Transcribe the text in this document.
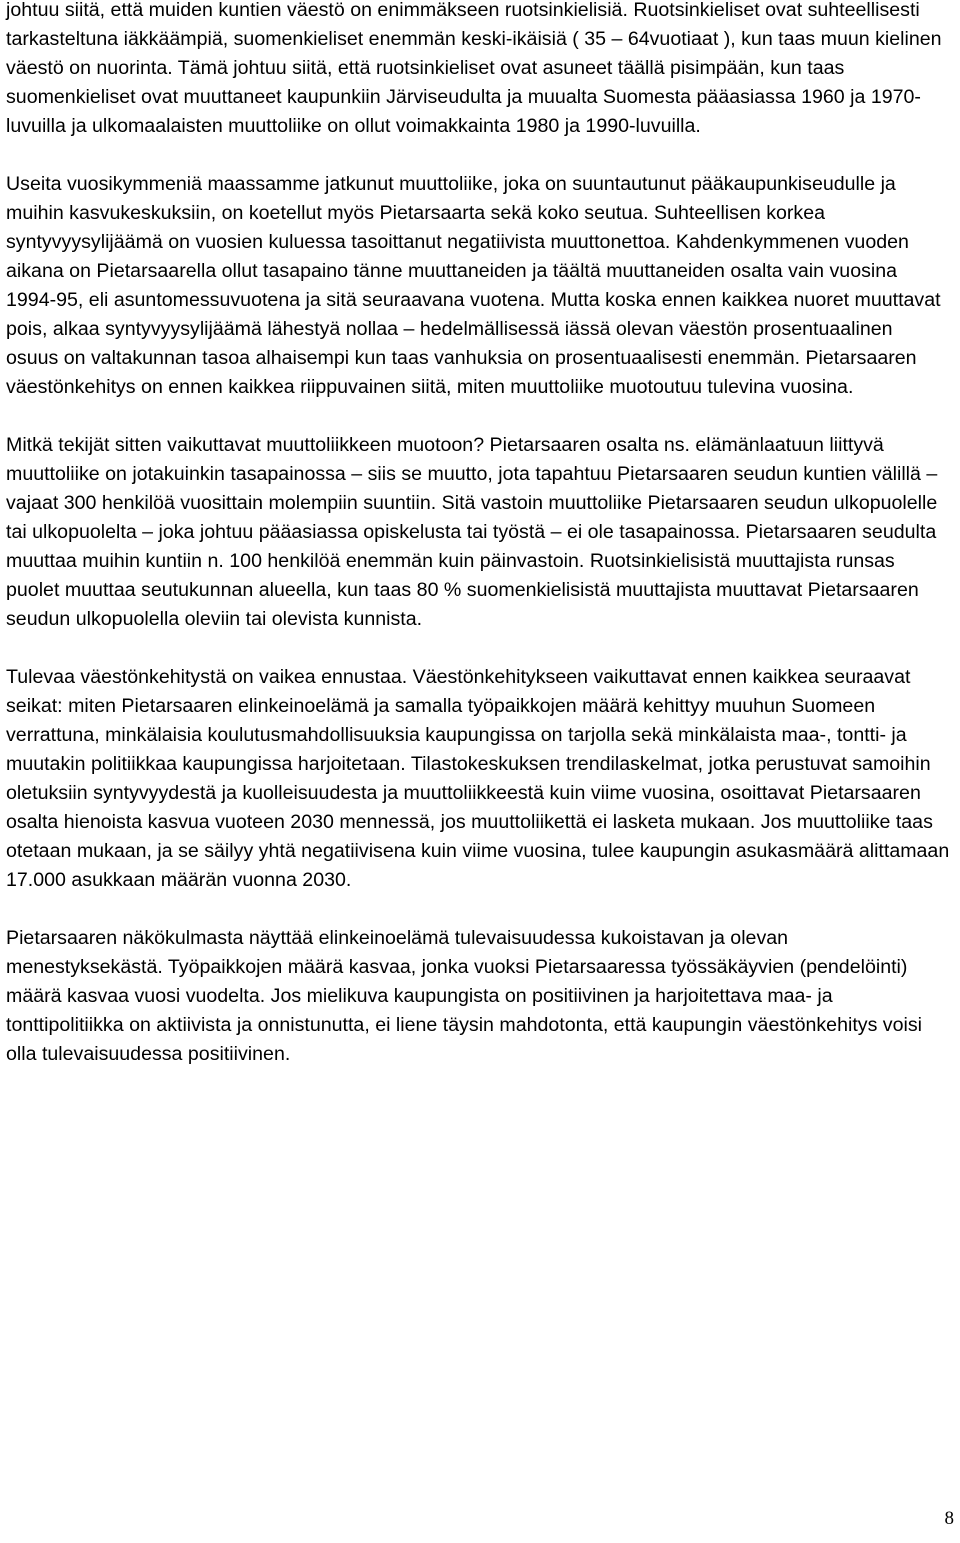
johtuu siitä, että muiden kuntien väestö on enimmäkseen ruotsinkielisiä. Ruotsinkieliset ovat suhteellisesti tarkasteltuna iäkkäämpiä, suomenkieliset enemmän keski-ikäisiä ( 35 – 64vuotiaat ), kun taas muun kielinen väestö on nuorinta. Tämä johtuu siitä, että ruotsinkieliset ovat asuneet täällä pisimpään, kun taas suomenkieliset ovat muuttaneet kaupunkiin Järviseudulta ja muualta Suomesta pääasiassa 1960 ja 1970-luvuilla ja ulkomaalaisten muuttoliike on ollut voimakkainta 1980 ja 1990-luvuilla.

Useita vuosikymmeniä maassamme jatkunut muuttoliike, joka on suuntautunut pääkaupunkiseudulle ja muihin kasvukeskuksiin, on koetellut myös Pietarsaarta sekä koko seutua. Suhteellisen korkea syntyvyysylijäämä on vuosien kuluessa tasoittanut negatiivista muuttonettoa. Kahdenkymmenen vuoden aikana on Pietarsaarella ollut tasapaino tänne muuttaneiden ja täältä muuttaneiden osalta vain vuosina 1994-95, eli asuntomessuvuotena ja sitä seuraavana vuotena. Mutta koska ennen kaikkea nuoret muuttavat pois, alkaa syntyvyysylijäämä lähestyä nollaa – hedelmällisessä iässä olevan väestön prosentuaalinen osuus on valtakunnan tasoa alhaisempi kun taas vanhuksia on prosentuaalisesti enemmän. Pietarsaaren väestönkehitys on ennen kaikkea riippuvainen siitä, miten muuttoliike muotoutuu tulevina vuosina.

Mitkä tekijät sitten vaikuttavat muuttoliikkeen muotoon? Pietarsaaren osalta ns. elämänlaatuun liittyvä muuttoliike on jotakuinkin tasapainossa – siis se muutto, jota tapahtuu Pietarsaaren seudun kuntien välillä – vajaat 300 henkilöä vuosittain molempiin suuntiin. Sitä vastoin muuttoliike Pietarsaaren seudun ulkopuolelle tai ulkopuolelta – joka johtuu pääasiassa opiskelusta tai työstä – ei ole tasapainossa. Pietarsaaren seudulta muuttaa muihin kuntiin n. 100 henkilöä enemmän kuin päinvastoin. Ruotsinkielisistä muuttajista runsas puolet muuttaa seutukunnan alueella, kun taas 80 % suomenkielisistä muuttajista muuttavat Pietarsaaren seudun ulkopuolella oleviin tai olevista kunnista.

Tulevaa väestönkehitystä on vaikea ennustaa. Väestönkehitykseen vaikuttavat ennen kaikkea seuraavat seikat: miten Pietarsaaren elinkeinoelämä ja samalla työpaikkojen määrä kehittyy muuhun Suomeen verrattuna, minkälaisia koulutusmahdollisuuksia kaupungissa on tarjolla sekä minkälaista maa-, tontti- ja muutakin politiikkaa kaupungissa harjoitetaan. Tilastokeskuksen trendilaskelmat, jotka perustuvat samoihin oletuksiin syntyvyydestä ja kuolleisuudesta ja muuttoliikkeestä kuin viime vuosina, osoittavat Pietarsaaren osalta hienoista kasvua vuoteen 2030 mennessä, jos muuttoliikettä ei lasketa mukaan. Jos muuttoliike taas otetaan mukaan, ja se säilyy yhtä negatiivisena kuin viime vuosina, tulee kaupungin asukasmäärä alittamaan 17.000 asukkaan määrän vuonna 2030.

Pietarsaaren näkökulmasta näyttää elinkeinoelämä tulevaisuudessa kukoistavan ja olevan menestyksekästä. Työpaikkojen määrä kasvaa, jonka vuoksi Pietarsaaressa työssäkäyvien (pendelöinti) määrä kasvaa vuosi vuodelta. Jos mielikuva kaupungista on positiivinen ja harjoitettava maa- ja tonttipolitiikka on aktiivista ja onnistunutta, ei liene täysin mahdotonta, että kaupungin väestönkehitys voisi olla tulevaisuudessa positiivinen.

8
